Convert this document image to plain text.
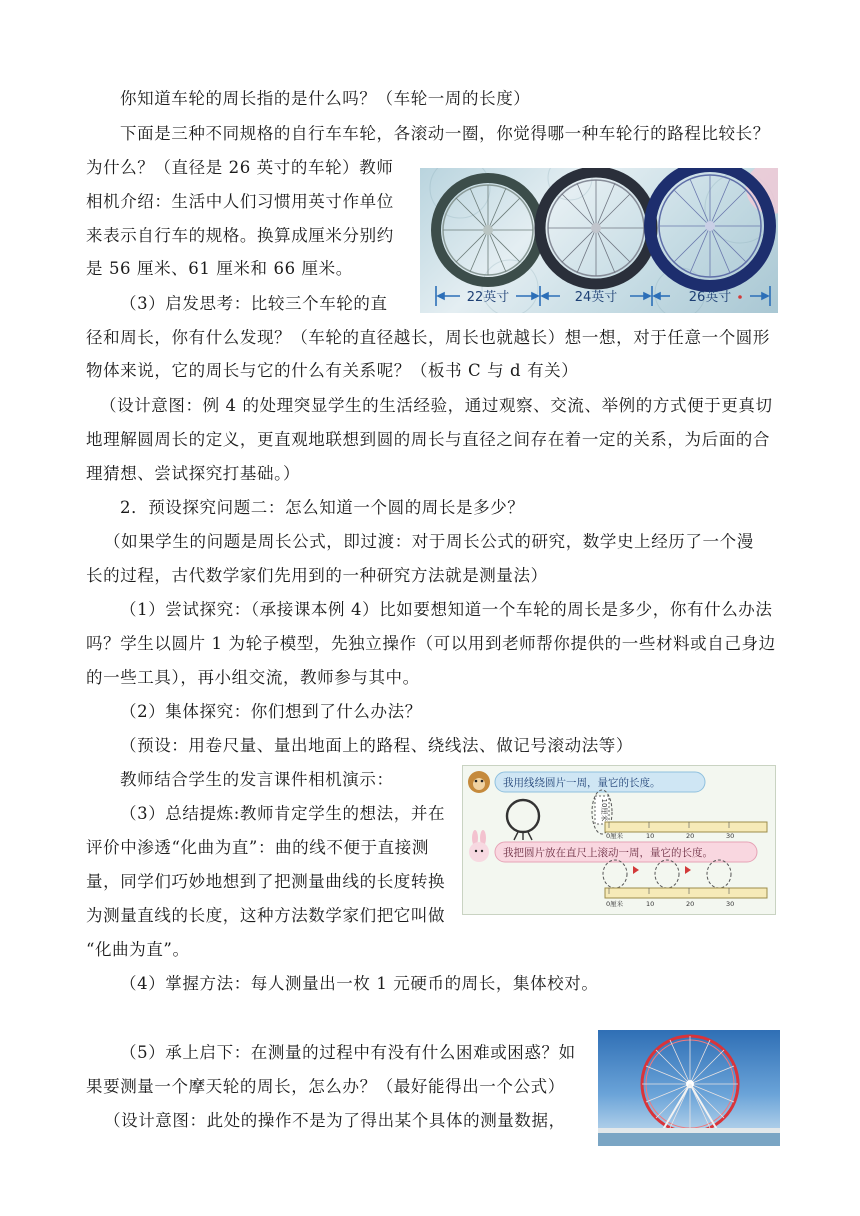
你知道车轮的周长指的是什么吗？（车轮一周的长度）
下面是三种不同规格的自行车车轮，各滚动一圈，你觉得哪一种车轮行的路程比较长？
为什么？（直径是 26 英寸的车轮）教师
相机介绍：生活中人们习惯用英寸作单位
来表示自行车的规格。换算成厘米分别约
是 56 厘米、61 厘米和 66 厘米。
（3）启发思考：比较三个车轮的直
径和周长，你有什么发现？（车轮的直径越长，周长也就越长）想一想，对于任意一个圆形
物体来说，它的周长与它的什么有关系呢？（板书 C 与 d 有关）
（设计意图：例 4 的处理突显学生的生活经验，通过观察、交流、举例的方式便于更真切
地理解圆周长的定义，更直观地联想到圆的周长与直径之间存在着一定的关系，为后面的合
理猜想、尝试探究打基础。）
2．预设探究问题二：怎么知道一个圆的周长是多少？
（如果学生的问题是周长公式，即过渡：对于周长公式的研究，数学史上经历了一个漫
长的过程，古代数学家们先用到的一种研究方法就是测量法）
（1）尝试探究：（承接课本例 4）比如要想知道一个车轮的周长是多少，你有什么办法
吗？学生以圆片 1 为轮子模型，先独立操作（可以用到老师帮你提供的一些材料或自己身边
的一些工具），再小组交流，教师参与其中。
（2）集体探究：你们想到了什么办法？
（预设：用卷尺量、量出地面上的路程、绕线法、做记号滚动法等）
教师结合学生的发言课件相机演示：
（3）总结提炼:教师肯定学生的想法，并在
评价中渗透“化曲为直”：曲的线不便于直接测
量，同学们巧妙地想到了把测量曲线的长度转换
为测量直线的长度，这种方法数学家们把它叫做
“化曲为直”。
（4）掌握方法：每人测量出一枚 1 元硬币的周长，集体校对。
（5）承上启下：在测量的过程中有没有什么困难或困惑？如
果要测量一个摩天轮的周长，怎么办？（最好能得出一个公式）
（设计意图：此处的操作不是为了得出某个具体的测量数据，
22英寸	24英寸	26英寸
我用线绕圆片一周，量它的长度。
10厘米
0厘米	10	20	30
我把圆片放在直尺上滚动一周，量它的长度。
0厘米	10	20	30
